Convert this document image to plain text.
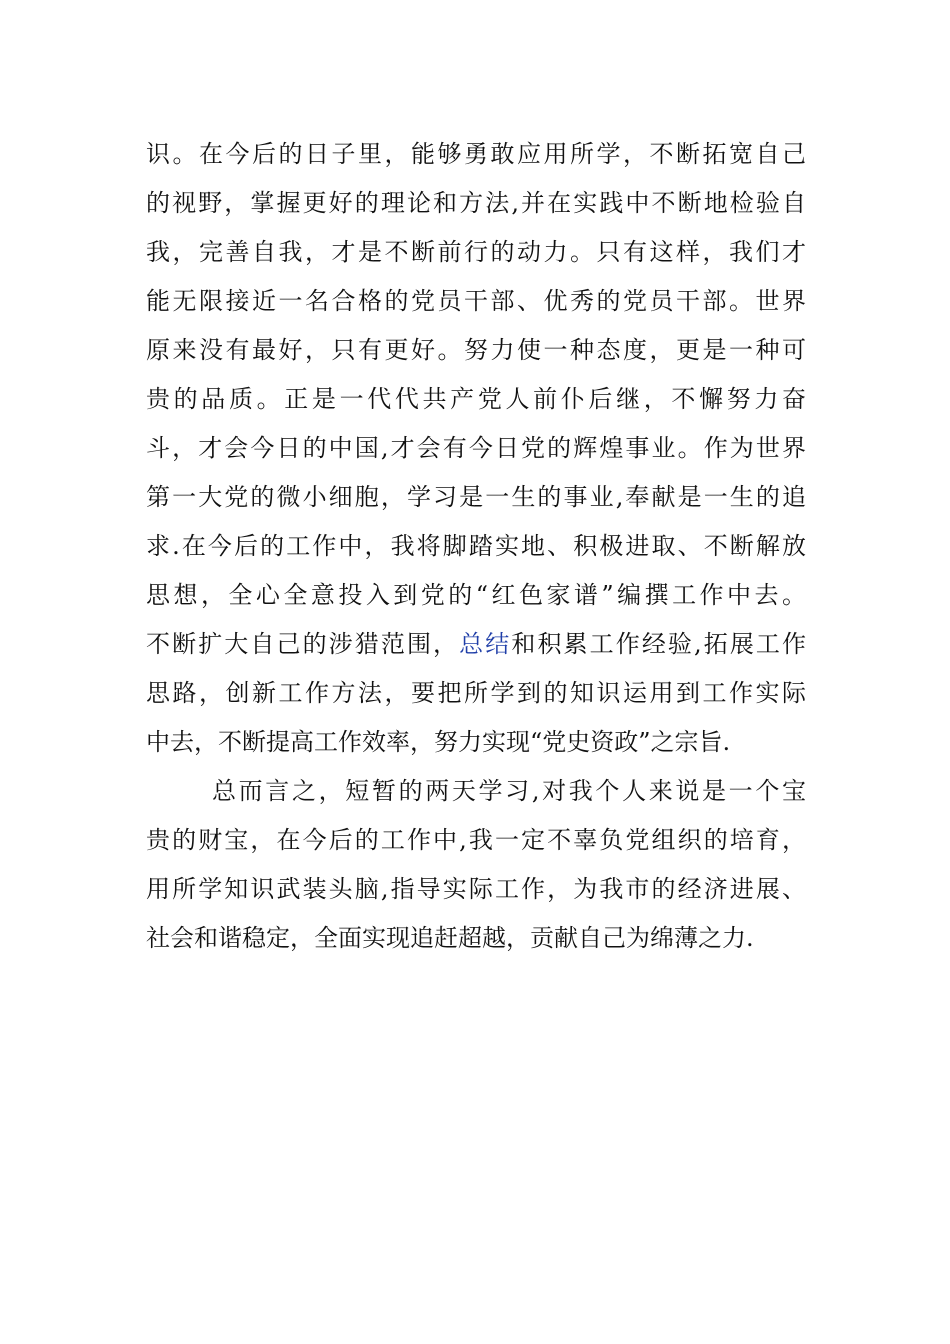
识。在今后的日子里，能够勇敢应用所学，不断拓宽自己
的视野，掌握更好的理论和方法,并在实践中不断地检验自
我，完善自我，才是不断前行的动力。只有这样，我们才
能无限接近一名合格的党员干部、优秀的党员干部。世界
原来没有最好，只有更好。努力使一种态度，更是一种可
贵的品质。正是一代代共产党人前仆后继，不懈努力奋
斗，才会今日的中国,才会有今日党的辉煌事业。作为世界
第一大党的微小细胞，学习是一生的事业,奉献是一生的追
求.在今后的工作中，我将脚踏实地、积极进取、不断解放
思想，全心全意投入到党的“红色家谱”编撰工作中去。
不断扩大自己的涉猎范围，总结和积累工作经验,拓展工作
思路，创新工作方法，要把所学到的知识运用到工作实际
中去，不断提高工作效率，努力实现“党史资政”之宗旨.
总而言之，短暂的两天学习,对我个人来说是一个宝
贵的财宝，在今后的工作中,我一定不辜负党组织的培育，
用所学知识武装头脑,指导实际工作，为我市的经济进展、
社会和谐稳定，全面实现追赶超越，贡献自己为绵薄之力.
